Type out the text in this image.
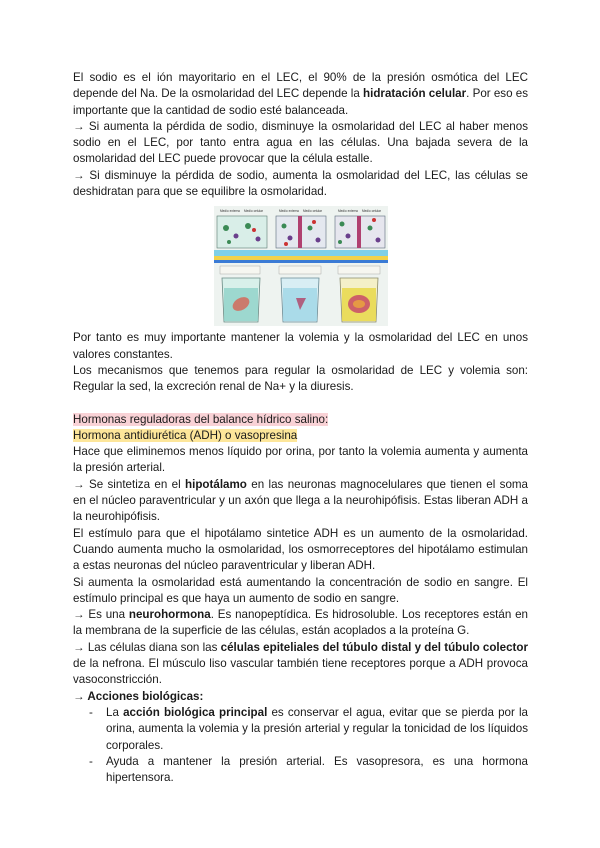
El sodio es el ión mayoritario en el LEC, el 90% de la presión osmótica del LEC depende del Na. De la osmolaridad del LEC depende la hidratación celular. Por eso es importante que la cantidad de sodio esté balanceada.

→ Si aumenta la pérdida de sodio, disminuye la osmolaridad del LEC al haber menos sodio en el LEC, por tanto entra agua en las células. Una bajada severa de la osmolaridad del LEC puede provocar que la célula estalle.

→ Si disminuye la pérdida de sodio, aumenta la osmolaridad del LEC, las células se deshidratan para que se equilibre la osmolaridad.

Medio externo Medio celular	Medio externo Medio celular	Medio externo Medio celular

Por tanto es muy importante mantener la volemia y la osmolaridad del LEC en unos valores constantes.

Los mecanismos que tenemos para regular la osmolaridad de LEC y volemia son: Regular la sed, la excreción renal de Na+ y la diuresis.

Hormonas reguladoras del balance hídrico salino:

Hormona antidiurética (ADH) o vasopresina

Hace que eliminemos menos líquido por orina, por tanto la volemia aumenta y aumenta la presión arterial.

→ Se sintetiza en el hipotálamo en las neuronas magnocelulares que tienen el soma en el núcleo paraventricular y un axón que llega a la neurohipófisis. Estas liberan ADH a la neurohipófisis.

El estímulo para que el hipotálamo sintetice ADH es un aumento de la osmolaridad. Cuando aumenta mucho la osmolaridad, los osmorreceptores del hipotálamo estimulan a estas neuronas del núcleo paraventricular y liberan ADH.

Si aumenta la osmolaridad está aumentando la concentración de sodio en sangre. El estímulo principal es que haya un aumento de sodio en sangre.

→ Es una neurohormona. Es nanopeptídica. Es hidrosoluble. Los receptores están en la membrana de la superficie de las células, están acoplados a la proteína G.

→ Las células diana son las células epiteliales del túbulo distal y del túbulo colector de la nefrona. El músculo liso vascular también tiene receptores porque a ADH provoca vasoconstricción.

→ Acciones biológicas:

- La acción biológica principal es conservar el agua, evitar que se pierda por la orina, aumenta la volemia y la presión arterial y regular la tonicidad de los líquidos corporales.
- Ayuda a mantener la presión arterial. Es vasopresora, es una hormona hipertensora.
